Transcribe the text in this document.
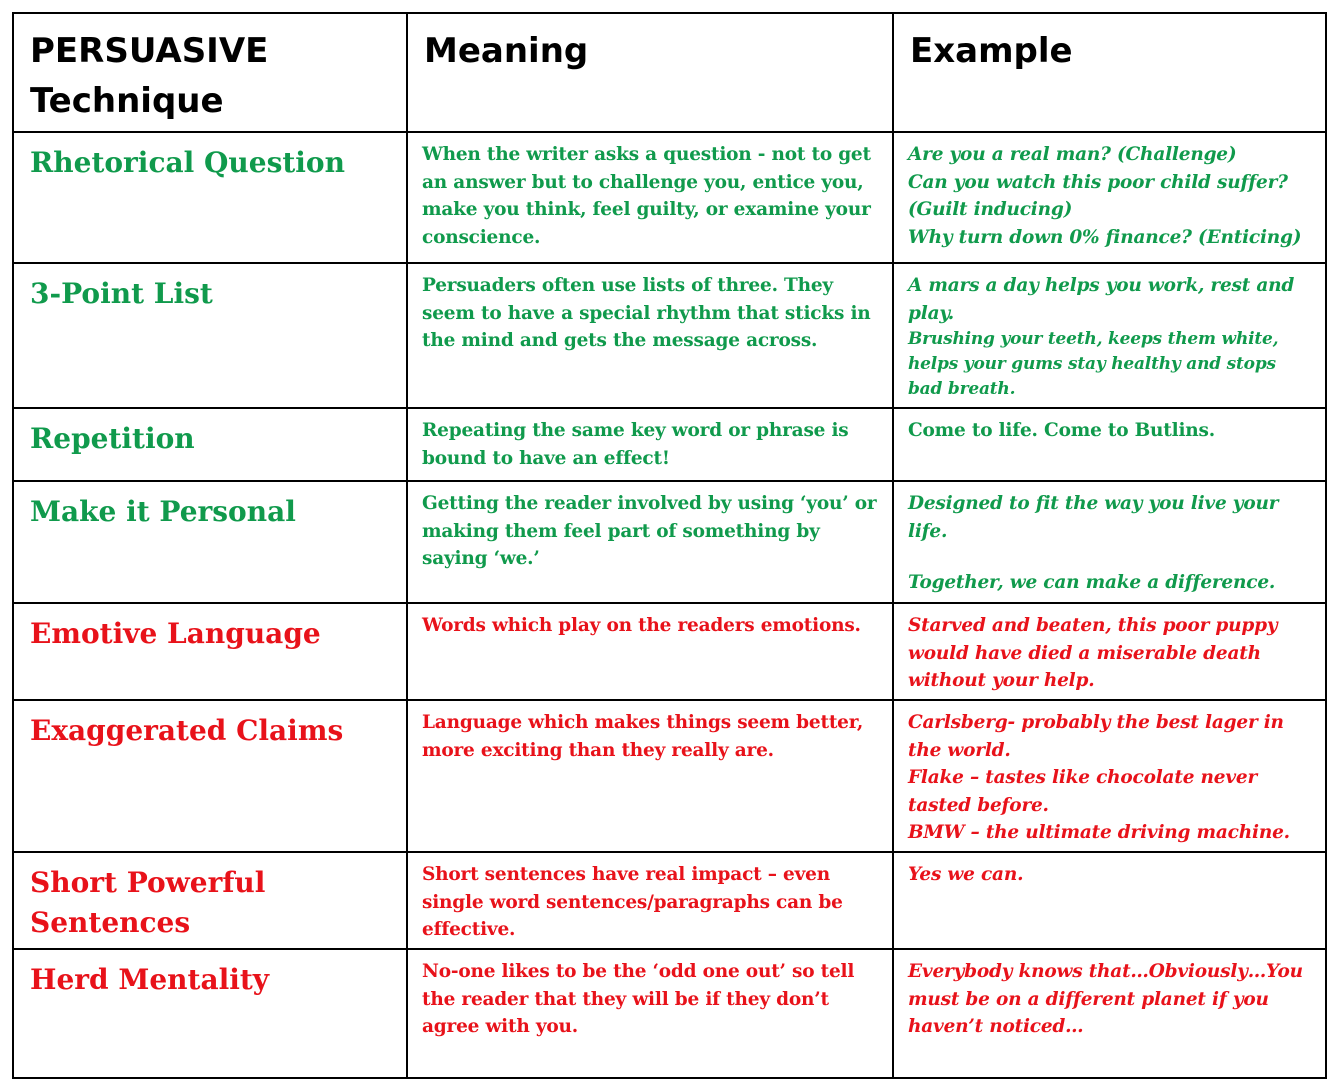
PERSUASIVE
Technique	Meaning	Example

Rhetorical Question	When the writer asks a question - not to get an answer but to challenge you, entice you, make you think, feel guilty, or examine your conscience.	Are you a real man? (Challenge)
Can you watch this poor child suffer? (Guilt inducing)
Why turn down 0% finance? (Enticing)

3-Point List	Persuaders often use lists of three. They seem to have a special rhythm that sticks in the mind and gets the message across.	A mars a day helps you work, rest and play.
Brushing your teeth, keeps them white, helps your gums stay healthy and stops bad breath.

Repetition	Repeating the same key word or phrase is bound to have an effect!	Come to life. Come to Butlins.

Make it Personal	Getting the reader involved by using ‘you’ or making them feel part of something by saying ‘we.’	Designed to fit the way you live your life.
Together, we can make a difference.

Emotive Language	Words which play on the readers emotions.	Starved and beaten, this poor puppy would have died a miserable death without your help.

Exaggerated Claims	Language which makes things seem better, more exciting than they really are.	Carlsberg- probably the best lager in the world.
Flake – tastes like chocolate never tasted before.
BMW – the ultimate driving machine.

Short Powerful
Sentences	Short sentences have real impact – even single word sentences/paragraphs can be effective.	Yes we can.

Herd Mentality	No-one likes to be the ‘odd one out’ so tell the reader that they will be if they don’t agree with you.	Everybody knows that…Obviously…You must be on a different planet if you haven’t noticed…
